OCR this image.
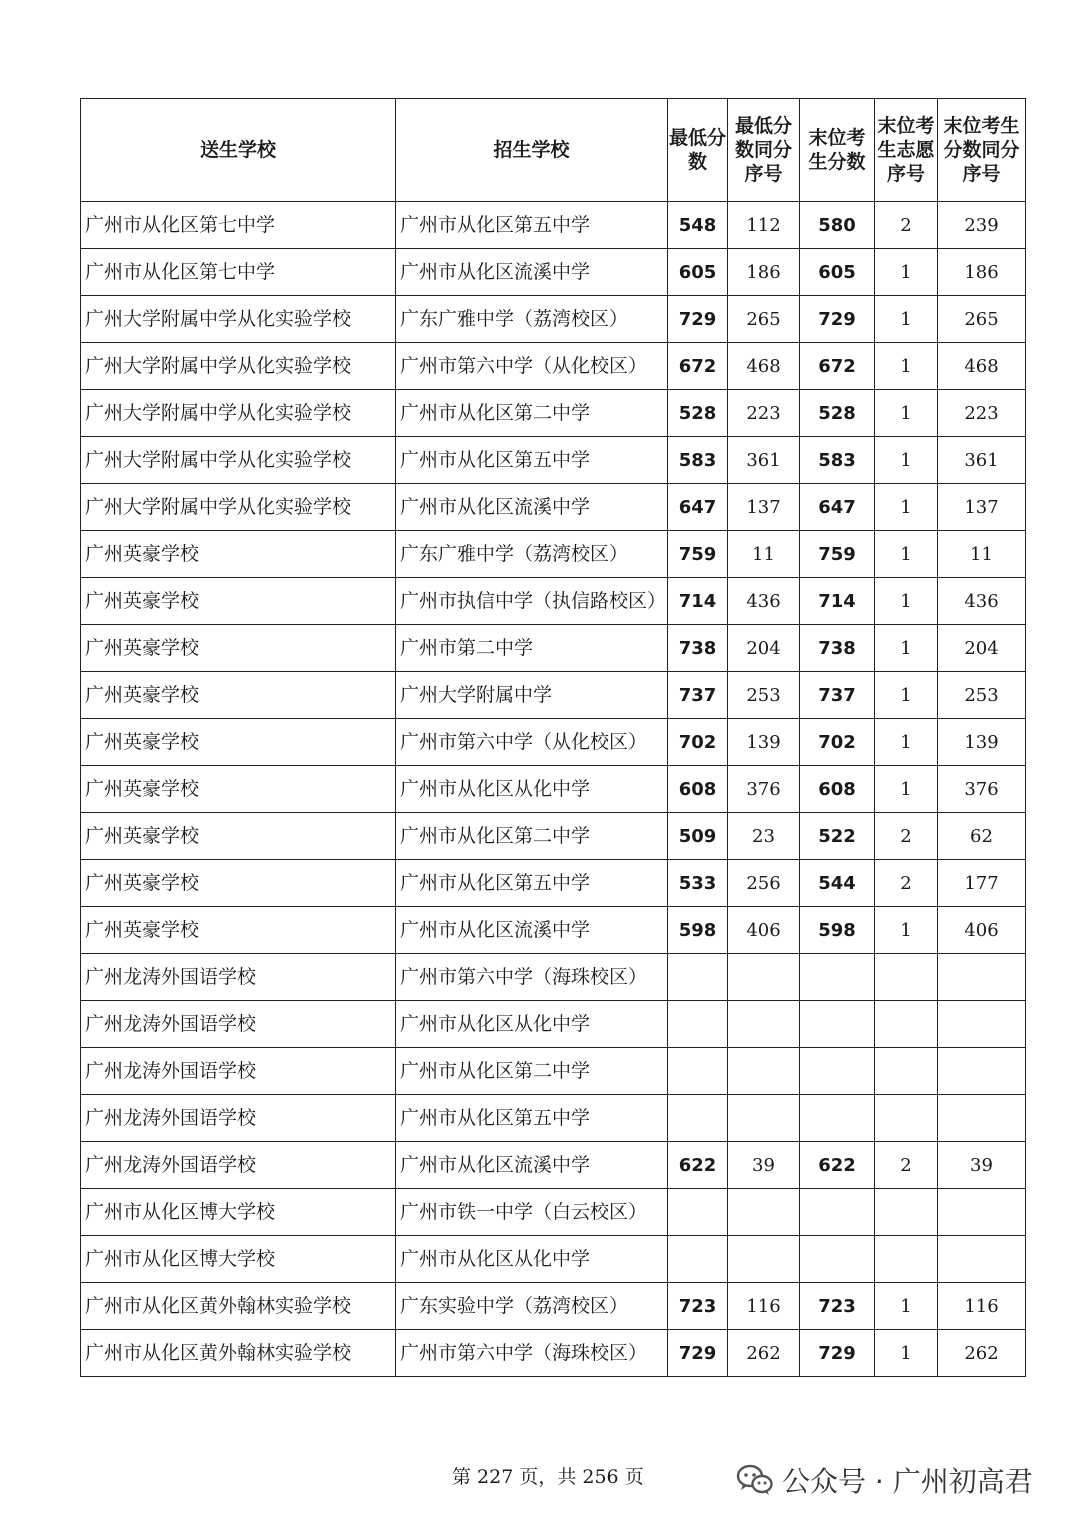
送生学校	招生学校	最低分数	最低分数同分序号	末位考生分数	末位考生志愿序号	末位考生分数同分序号
广州市从化区第七中学	广州市从化区第五中学	548	112	580	2	239
广州市从化区第七中学	广州市从化区流溪中学	605	186	605	1	186
广州大学附属中学从化实验学校	广东广雅中学（荔湾校区）	729	265	729	1	265
广州大学附属中学从化实验学校	广州市第六中学（从化校区）	672	468	672	1	468
广州大学附属中学从化实验学校	广州市从化区第二中学	528	223	528	1	223
广州大学附属中学从化实验学校	广州市从化区第五中学	583	361	583	1	361
广州大学附属中学从化实验学校	广州市从化区流溪中学	647	137	647	1	137
广州英豪学校	广东广雅中学（荔湾校区）	759	11	759	1	11
广州英豪学校	广州市执信中学（执信路校区）	714	436	714	1	436
广州英豪学校	广州市第二中学	738	204	738	1	204
广州英豪学校	广州大学附属中学	737	253	737	1	253
广州英豪学校	广州市第六中学（从化校区）	702	139	702	1	139
广州英豪学校	广州市从化区从化中学	608	376	608	1	376
广州英豪学校	广州市从化区第二中学	509	23	522	2	62
广州英豪学校	广州市从化区第五中学	533	256	544	2	177
广州英豪学校	广州市从化区流溪中学	598	406	598	1	406
广州龙涛外国语学校	广州市第六中学（海珠校区）					
广州龙涛外国语学校	广州市从化区从化中学					
广州龙涛外国语学校	广州市从化区第二中学					
广州龙涛外国语学校	广州市从化区第五中学					
广州龙涛外国语学校	广州市从化区流溪中学	622	39	622	2	39
广州市从化区博大学校	广州市铁一中学（白云校区）					
广州市从化区博大学校	广州市从化区从化中学					
广州市从化区黄外翰林实验学校	广东实验中学（荔湾校区）	723	116	723	1	116
广州市从化区黄外翰林实验学校	广州市第六中学（海珠校区）	729	262	729	1	262
第 227 页，共 256 页	公众号 · 广州初高君
